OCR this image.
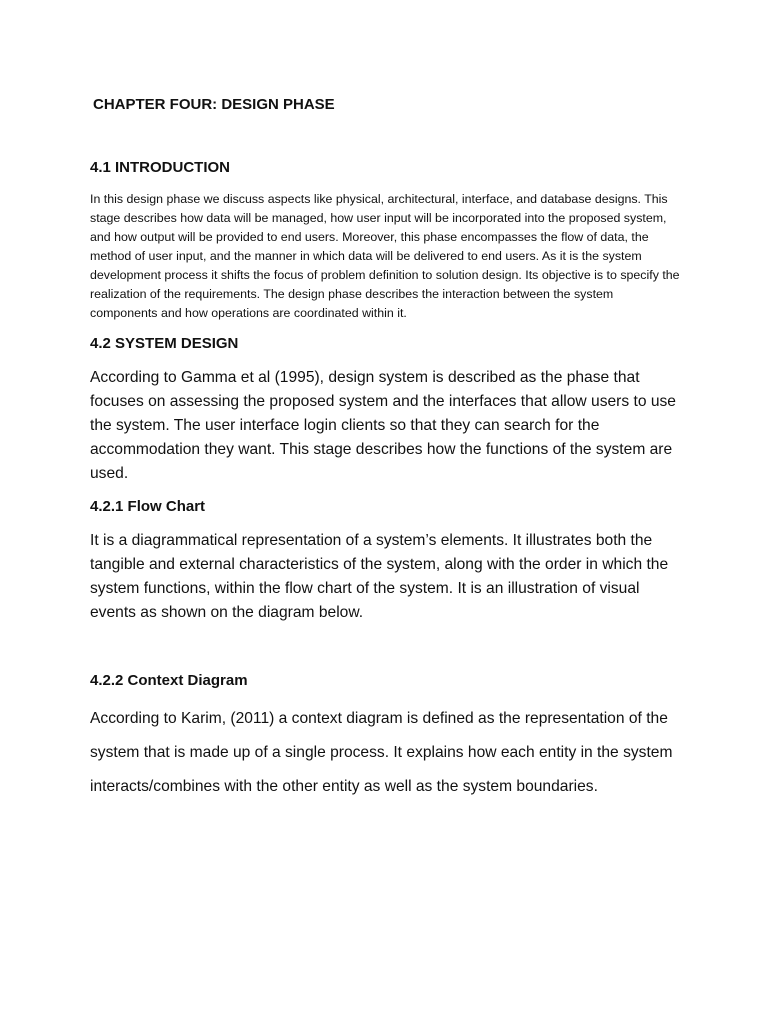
CHAPTER FOUR: DESIGN PHASE

4.1 INTRODUCTION

In this design phase we discuss aspects like physical, architectural, interface, and database designs. This stage describes how data will be managed, how user input will be incorporated into the proposed system, and how output will be provided to end users. Moreover, this phase encompasses the flow of data, the method of user input, and the manner in which data will be delivered to end users. As it is the system development process it shifts the focus of problem definition to solution design. Its objective is to specify the realization of the requirements. The design phase describes the interaction between the system components and how operations are coordinated within it.

4.2 SYSTEM DESIGN

According to Gamma et al (1995), design system is described as the phase that focuses on assessing the proposed system and the interfaces that allow users to use the system. The user interface login clients so that they can search for the accommodation they want. This stage describes how the functions of the system are used.

4.2.1 Flow Chart

It is a diagrammatical representation of a system’s elements. It illustrates both the tangible and external characteristics of the system, along with the order in which the system functions, within the flow chart of the system. It is an illustration of visual events as shown on the diagram below.

4.2.2 Context Diagram

According to Karim, (2011) a context diagram is defined as the representation of the system that is made up of a single process. It explains how each entity in the system interacts/combines with the other entity as well as the system boundaries.
